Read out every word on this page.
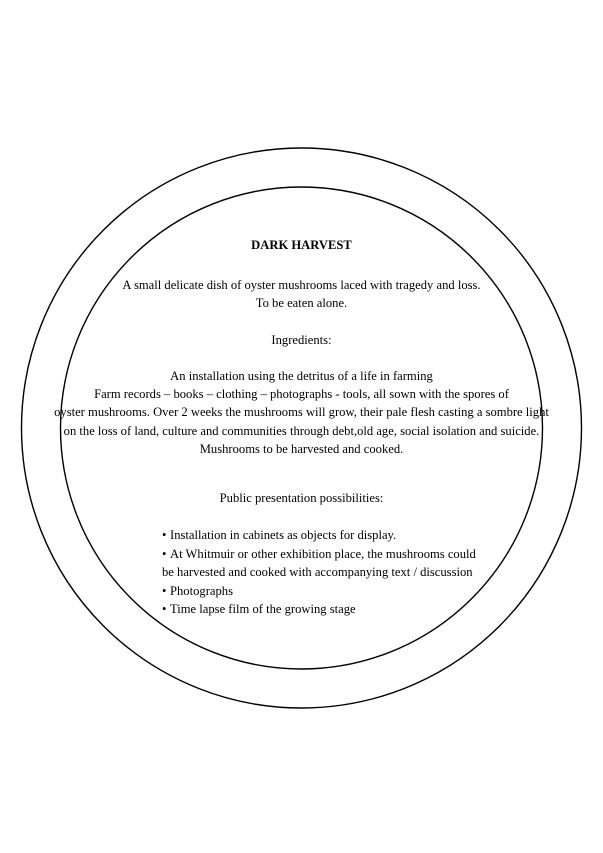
DARK HARVEST
A small delicate dish of oyster mushrooms laced with tragedy and loss.
To be eaten alone.
Ingredients:
An installation using the detritus of a life in farming
Farm records – books – clothing – photographs - tools, all sown with the spores of
oyster mushrooms. Over 2 weeks the mushrooms will grow, their pale flesh casting a sombre light
on the loss of land, culture and communities through debt,old age, social isolation and suicide.
Mushrooms to be harvested and cooked.
Public presentation possibilities:
• Installation in cabinets as objects for display.
• At Whitmuir or other exhibition place, the mushrooms could
be harvested and cooked with accompanying text / discussion
• Photographs
• Time lapse film of the growing stage
